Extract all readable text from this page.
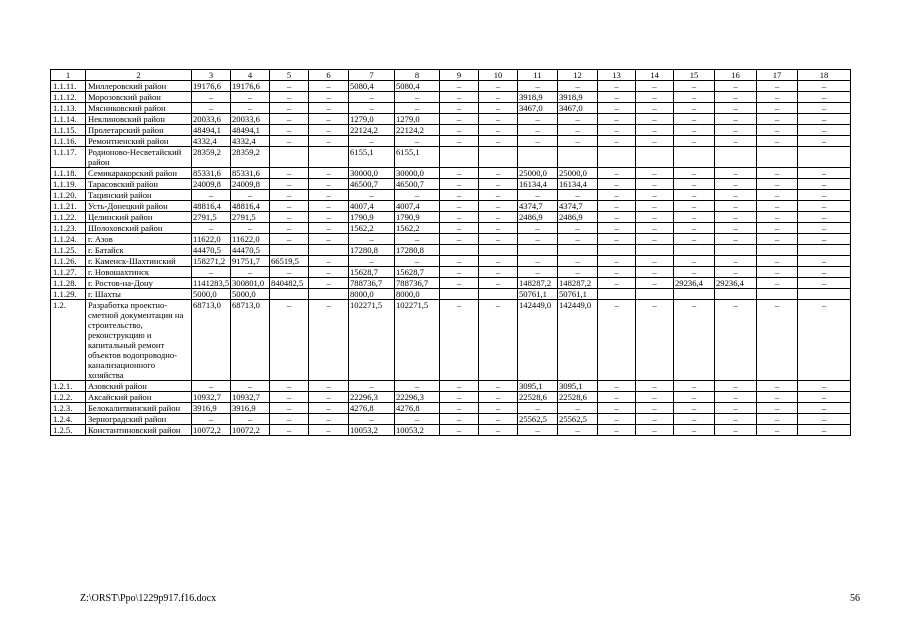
1	2	3	4	5	6	7	8	9	10	11	12	13	14	15	16	17	18
1.1.11.	Миллеровский район	19176,6	19176,6	–	–	5080,4	5080,4	–	–	–	–	–	–	–	–	–	–
1.1.12.	Морозовский район	–	–	–	–	–	–	–	–	3918,9	3918,9	–	–	–	–	–	–
1.1.13.	Мясниковский район	–	–	–	–	–	–	–	–	3467,0	3467,0	–	–	–	–	–	–
1.1.14.	Неклиновский район	20033,6	20033,6	–	–	1279,0	1279,0	–	–	–	–	–	–	–	–	–	–
1.1.15.	Пролетарский район	48494,1	48494,1	–	–	22124,2	22124,2	–	–	–	–	–	–	–	–	–	–
1.1.16.	Ремонтненский район	4332,4	4332,4	–	–	–	–	–	–	–	–	–	–	–	–	–	–
1.1.17.	Родионово-Несветайский район	28359,2	28359,2			6155,1	6155,1										
1.1.18.	Семикаракорский район	85331,6	85331,6	–	–	30000,0	30000,0	–	–	25000,0	25000,0	–	–	–	–	–	–
1.1.19.	Тарасовский район	24009,8	24009,8	–	–	46500,7	46500,7	–	–	16134,4	16134,4	–	–	–	–	–	–
1.1.20.	Тацинский район	–	–	–	–	–	–	–	–	–	–	–	–	–	–	–	–
1.1.21.	Усть-Донецкий район	48816,4	48816,4	–	–	4007,4	4007,4	–	–	4374,7	4374,7	–	–	–	–	–	–
1.1.22.	Целинский район	2791,5	2791,5	–	–	1790,9	1790,9	–	–	2486,9	2486,9	–	–	–	–	–	–
1.1.23.	Шолоховский район	–	–	–	–	1562,2	1562,2	–	–	–	–	–	–	–	–	–	–
1.1.24.	г. Азов	11622,0	11622,0	–	–	–	–	–	–	–	–	–	–	–	–	–	–
1.1.25.	г. Батайск	44470,5	44470,5			17280,8	17280,8										
1.1.26.	г. Каменск-Шахтинский	158271,2	91751,7	66519,5	–	–	–	–	–	–	–	–	–	–	–	–	–
1.1.27.	г. Новошахтинск	–	–	–	–	15628,7	15628,7	–	–	–	–	–	–	–	–	–	–
1.1.28.	г. Ростов-на-Дону	1141283,5	300801,0	840482,5	–	788736,7	788736,7	–	–	148287,2	148287,2	–	–	29236,4	29236,4	–	–
1.1.29.	г. Шахты	5000,0	5000,0			8000,0	8000,0			50761,1	50761,1						
1.2.	Разработка проектно-сметной документации на строительство, реконструкцию и капитальный ремонт объектов водопроводно-канализационного хозяйства	68713,0	68713,0	–	–	102271,5	102271,5	–	–	142449,0	142449,0	–	–	–	–	–	–
1.2.1.	Азовский район	–	–	–	–	–	–	–	–	3095,1	3095,1	–	–	–	–	–	–
1.2.2.	Аксайский район	10932,7	10932,7	–	–	22296,3	22296,3	–	–	22528,6	22528,6	–	–	–	–	–	–
1.2.3.	Белокалитвинский район	3916,9	3916,9	–	–	4276,8	4276,8	–	–	–	–	–	–	–	–	–	–
1.2.4.	Зерноградский район	–	–	–	–	–	–	–	–	25562,5	25562,5	–	–	–	–	–	–
1.2.5.	Константиновский район	10072,2	10072,2	–	–	10053,2	10053,2	–	–	–	–	–	–	–	–	–	–
Z:\ORST\Ppo\1229p917.f16.docx	56
